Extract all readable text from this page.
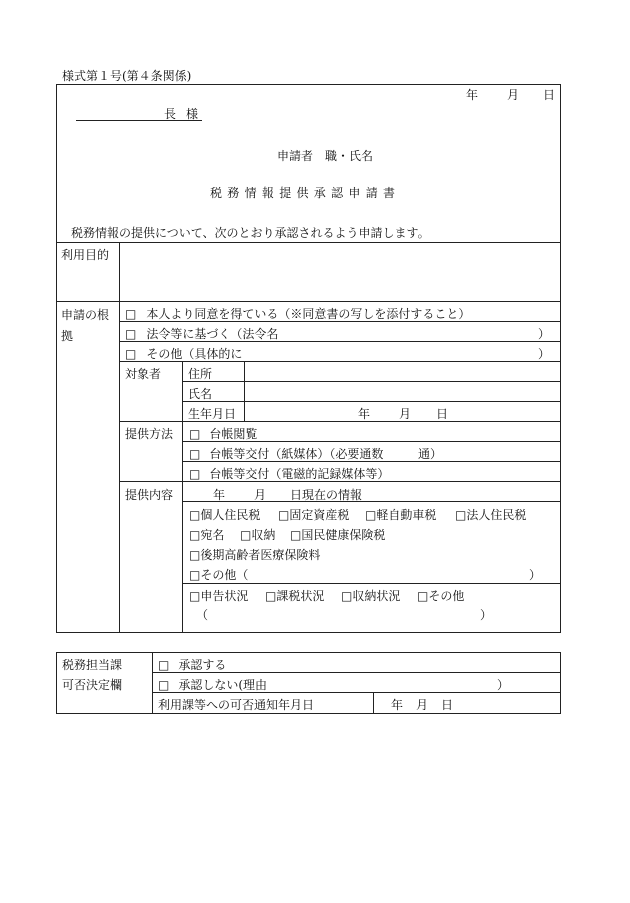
様式第１号(第４条関係)
年 月 日
長 様
申請者　職・氏名
税務情報提供承認申請書
税務情報の提供について、次のとおり承認されるよう申請します。
利用目的
申請の根
拠
□ 本人より同意を得ている（※同意書の写しを添付すること）
□ 法令等に基づく（法令名	）
□ その他（具体的に	）
対象者 住所
氏名
生年月日	年 月 日
提供方法 □ 台帳閲覧
□ 台帳等交付（紙媒体）（必要通数	通）
□ 台帳等交付（電磁的記録媒体等）
提供内容	年 月 日現在の情報
□個人住民税 □固定資産税 □軽自動車税 □法人住民税
□宛名 □収納 □国民健康保険税
□後期高齢者医療保険料
□その他（	）
□申告状況 □課税状況 □収納状況 □その他
（	）
税務担当課
可否決定欄
□ 承認する
□ 承認しない(理由	）
利用課等への可否通知年月日	年 月 日
